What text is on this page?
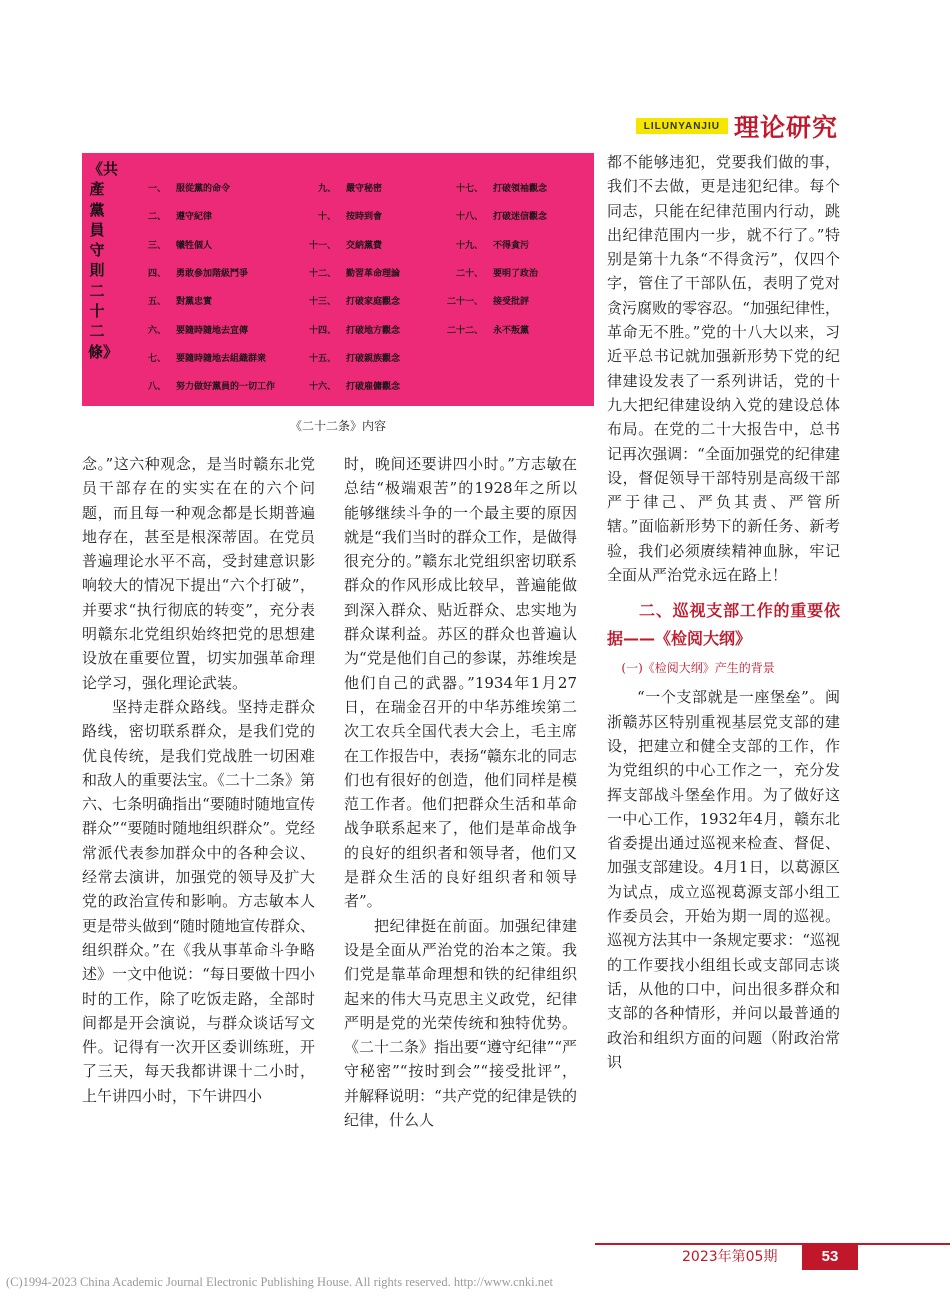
LILUNYANJIU 理论研究
《共產黨員守則二十二條》
一、 服從黨的命令
二、 遵守紀律
三、 犧牲個人
四、 勇敢參加階級鬥爭
五、 對黨忠實
六、 要隨時隨地去宣傳
七、 要隨時隨地去組織群衆
八、 努力做好黨員的一切工作
九、 嚴守秘密
十、 按時到會
十一、 交納黨費
十二、 勤習革命理論
十三、 打破家庭觀念
十四、 打破地方觀念
十五、 打破親族觀念
十六、 打破雇傭觀念
十七、 打破領袖觀念
十八、 打破迷信觀念
十九、 不得貪污
二十、 要明了政治
二十一、 接受批評
二十二、 永不叛黨
《二十二条》内容

念。”这六种观念，是当时赣东北党员干部存在的实实在在的六个问题，而且每一种观念都是长期普遍地存在，甚至是根深蒂固。在党员普遍理论水平不高，受封建意识影响较大的情况下提出“六个打破”，并要求“执行彻底的转变”，充分表明赣东北党组织始终把党的思想建设放在重要位置，切实加强革命理论学习，强化理论武装。

坚持走群众路线。坚持走群众路线，密切联系群众，是我们党的优良传统，是我们党战胜一切困难和敌人的重要法宝。《二十二条》第六、七条明确指出“要随时随地宣传群众”“要随时随地组织群众”。党经常派代表参加群众中的各种会议、经常去演讲，加强党的领导及扩大党的政治宣传和影响。方志敏本人更是带头做到“随时随地宣传群众、组织群众。”在《我从事革命斗争略述》一文中他说：“每日要做十四小时的工作，除了吃饭走路，全部时间都是开会演说，与群众谈话写文件。记得有一次开区委训练班，开了三天，每天我都讲课十二小时，上午讲四小时，下午讲四小

时，晚间还要讲四小时。”方志敏在总结“极端艰苦”的1928年之所以能够继续斗争的一个最主要的原因就是“我们当时的群众工作，是做得很充分的。”赣东北党组织密切联系群众的作风形成比较早，普遍能做到深入群众、贴近群众、忠实地为群众谋利益。苏区的群众也普遍认为“党是他们自己的参谋，苏维埃是他们自己的武器。”1934年1月27日，在瑞金召开的中华苏维埃第二次工农兵全国代表大会上，毛主席在工作报告中，表扬“赣东北的同志们也有很好的创造，他们同样是模范工作者。他们把群众生活和革命战争联系起来了，他们是革命战争的良好的组织者和领导者，他们又是群众生活的良好组织者和领导者”。

把纪律挺在前面。加强纪律建设是全面从严治党的治本之策。我们党是靠革命理想和铁的纪律组织起来的伟大马克思主义政党，纪律严明是党的光荣传统和独特优势。《二十二条》指出要“遵守纪律”“严守秘密”“按时到会”“接受批评”，并解释说明：“共产党的纪律是铁的纪律，什么人

都不能够违犯，党要我们做的事，我们不去做，更是违犯纪律。每个同志，只能在纪律范围内行动，跳出纪律范围内一步，就不行了。”特别是第十九条“不得贪污”，仅四个字，管住了干部队伍，表明了党对贪污腐败的零容忍。“加强纪律性，革命无不胜。”党的十八大以来，习近平总书记就加强新形势下党的纪律建设发表了一系列讲话，党的十九大把纪律建设纳入党的建设总体布局。在党的二十大报告中，总书记再次强调：“全面加强党的纪律建设，督促领导干部特别是高级干部严于律己、严负其责、严管所辖。”面临新形势下的新任务、新考验，我们必须赓续精神血脉，牢记全面从严治党永远在路上！

二、巡视支部工作的重要依据——《检阅大纲》

(一)《检阅大纲》产生的背景

“一个支部就是一座堡垒”。闽浙赣苏区特别重视基层党支部的建设，把建立和健全支部的工作，作为党组织的中心工作之一，充分发挥支部战斗堡垒作用。为了做好这一中心工作，1932年4月，赣东北省委提出通过巡视来检查、督促、加强支部建设。4月1日，以葛源区为试点，成立巡视葛源支部小组工作委员会，开始为期一周的巡视。巡视方法其中一条规定要求：“巡视的工作要找小组组长或支部同志谈话，从他的口中，问出很多群众和支部的各种情形，并问以最普通的政治和组织方面的问题（附政治常识

2023年第05期	53
(C)1994-2023 China Academic Journal Electronic Publishing House. All rights reserved. http://www.cnki.net
